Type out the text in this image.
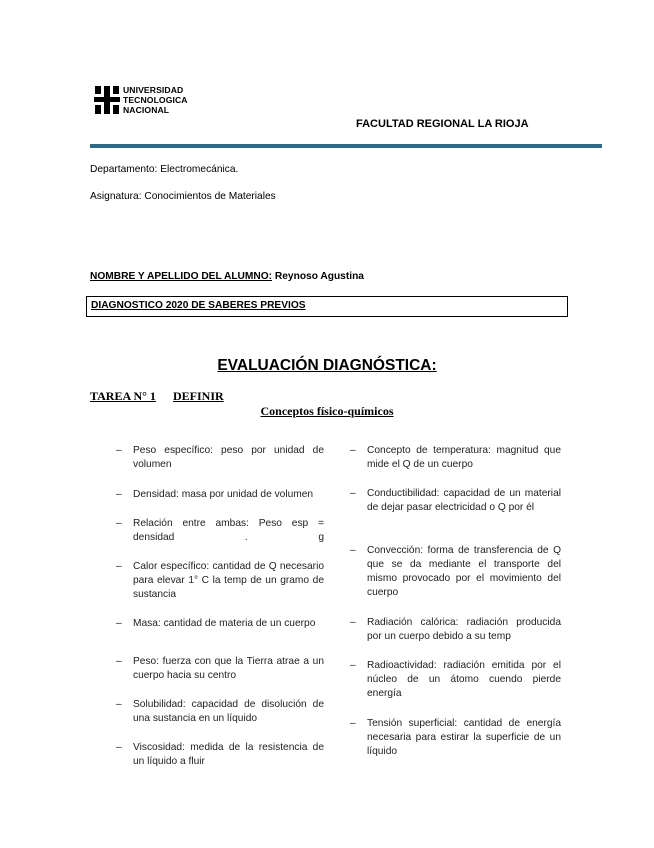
UNIVERSIDAD
TECNOLOGICA
NACIONAL
FACULTAD REGIONAL LA RIOJA
Departamento: Electromecánica.
Asignatura: Conocimientos de Materiales
NOMBRE Y APELLIDO DEL ALUMNO: Reynoso Agustina
DIAGNOSTICO 2020 DE SABERES PREVIOS
EVALUACIÓN DIAGNÓSTICA:
TAREA N° 1 DEFINIR
Conceptos físico-químicos
– Peso específico: peso por unidad de volumen

– Densidad: masa por unidad de volumen

– Relación entre ambas: Peso esp = densidad . g

– Calor específico: cantidad de Q necesario para elevar 1° C la temp de un gramo de sustancia

– Masa: cantidad de materia de un cuerpo

– Peso: fuerza con que la Tierra atrae a un cuerpo hacia su centro

– Solubilidad: capacidad de disolución de una sustancia en un líquido

– Viscosidad: medida de la resistencia de un líquido a fluir

– Concepto de temperatura: magnitud que mide el Q de un cuerpo

– Conductibilidad: capacidad de un material de dejar pasar electricidad o Q por él

– Convección: forma de transferencia de Q que se da mediante el transporte del mismo provocado por el movimiento del cuerpo

– Radiación calórica: radiación producida por un cuerpo debido a su temp

– Radioactividad: radiación emitida por el núcleo de un átomo cuendo pierde energía

– Tensión superficial: cantidad de energía necesaria para estirar la superficie de un líquido
